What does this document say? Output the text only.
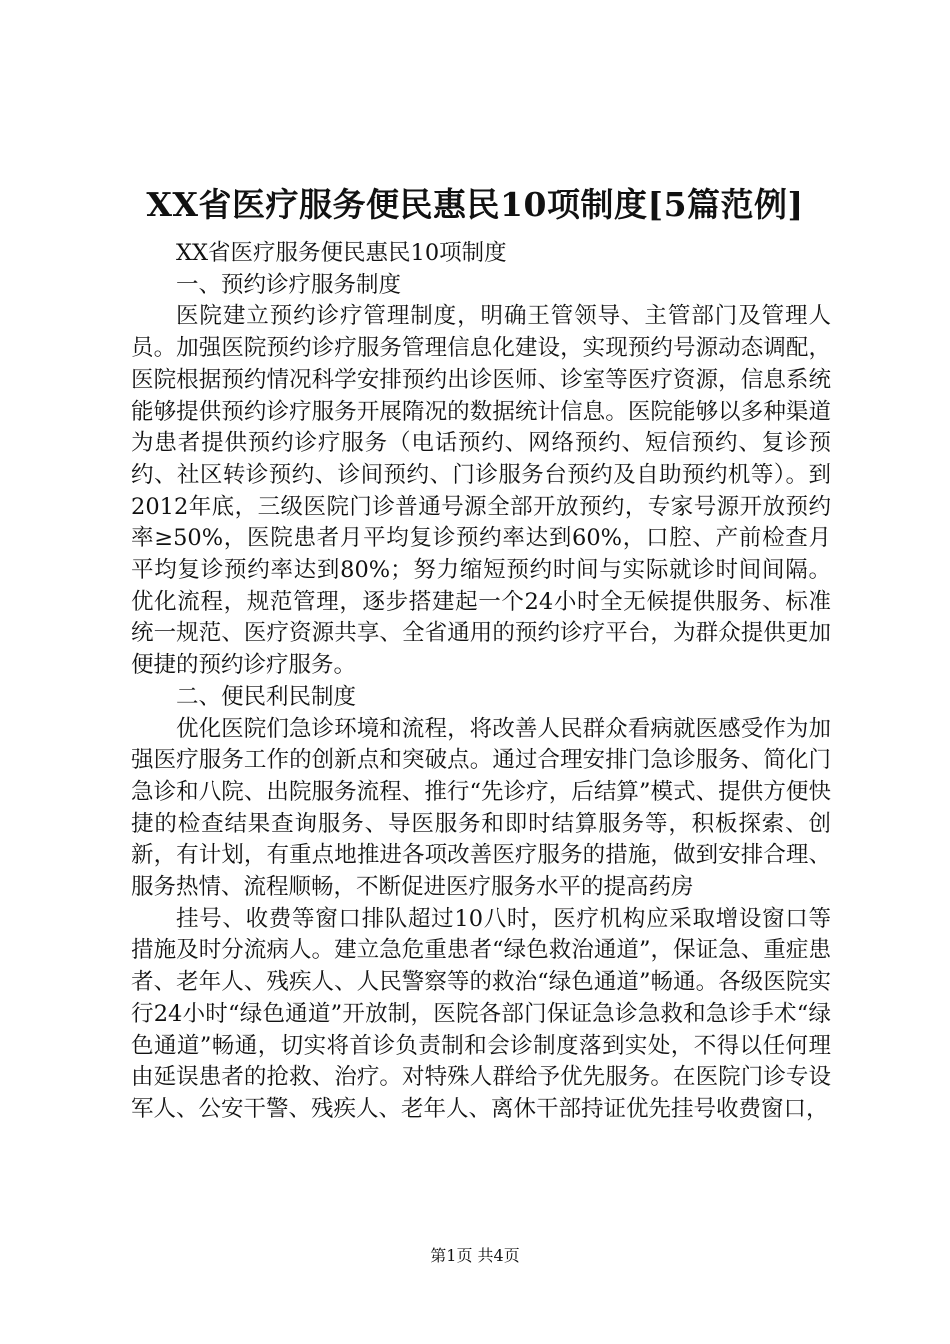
XX省医疗服务便民惠民10项制度[5篇范例]

XX省医疗服务便民惠民10项制度

一、预约诊疗服务制度

医院建立预约诊疗管理制度，明确王管领导、主管部门及管理人员。加强医院预约诊疗服务管理信息化建设，实现预约号源动态调配，医院根据预约情况科学安排预约出诊医师、诊室等医疗资源，信息系统能够提供预约诊疗服务开展隋况的数据统计信息。医院能够以多种渠道为患者提供预约诊疗服务（电话预约、网络预约、短信预约、复诊预约、社区转诊预约、诊间预约、门诊服务台预约及自助预约机等）。到2012年底，三级医院门诊普通号源全部开放预约，专家号源开放预约率≥50%，医院患者月平均复诊预约率达到60%，口腔、产前检查月平均复诊预约率达到80%；努力缩短预约时间与实际就诊时间间隔。优化流程，规范管理，逐步搭建起一个24小时全无候提供服务、标准统一规范、医疗资源共享、全省通用的预约诊疗平台，为群众提供更加便捷的预约诊疗服务。

二、便民利民制度

优化医院们急诊环境和流程，将改善人民群众看病就医感受作为加强医疗服务工作的创新点和突破点。通过合理安排门急诊服务、简化门急诊和八院、出院服务流程、推行“先诊疗，后结算”模式、提供方便快捷的检查结果查询服务、导医服务和即时结算服务等，积板探索、创新，有计划，有重点地推进各项改善医疗服务的措施，做到安排合理、服务热情、流程顺畅，不断促进医疗服务水平的提高药房

挂号、收费等窗口排队超过10八时，医疗机构应采取增设窗口等措施及时分流病人。建立急危重患者“绿色救治通道”，保证急、重症患者、老年人、残疾人、人民警察等的救治“绿色通道”畅通。各级医院实行24小时“绿色通道”开放制，医院各部门保证急诊急救和急诊手术“绿色通道”畅通，切实将首诊负责制和会诊制度落到实处，不得以任何理由延误患者的抢救、治疗。对特殊人群给予优先服务。在医院门诊专设军人、公安干警、残疾人、老年人、离休干部持证优先挂号收费窗口，

第1页 共4页
